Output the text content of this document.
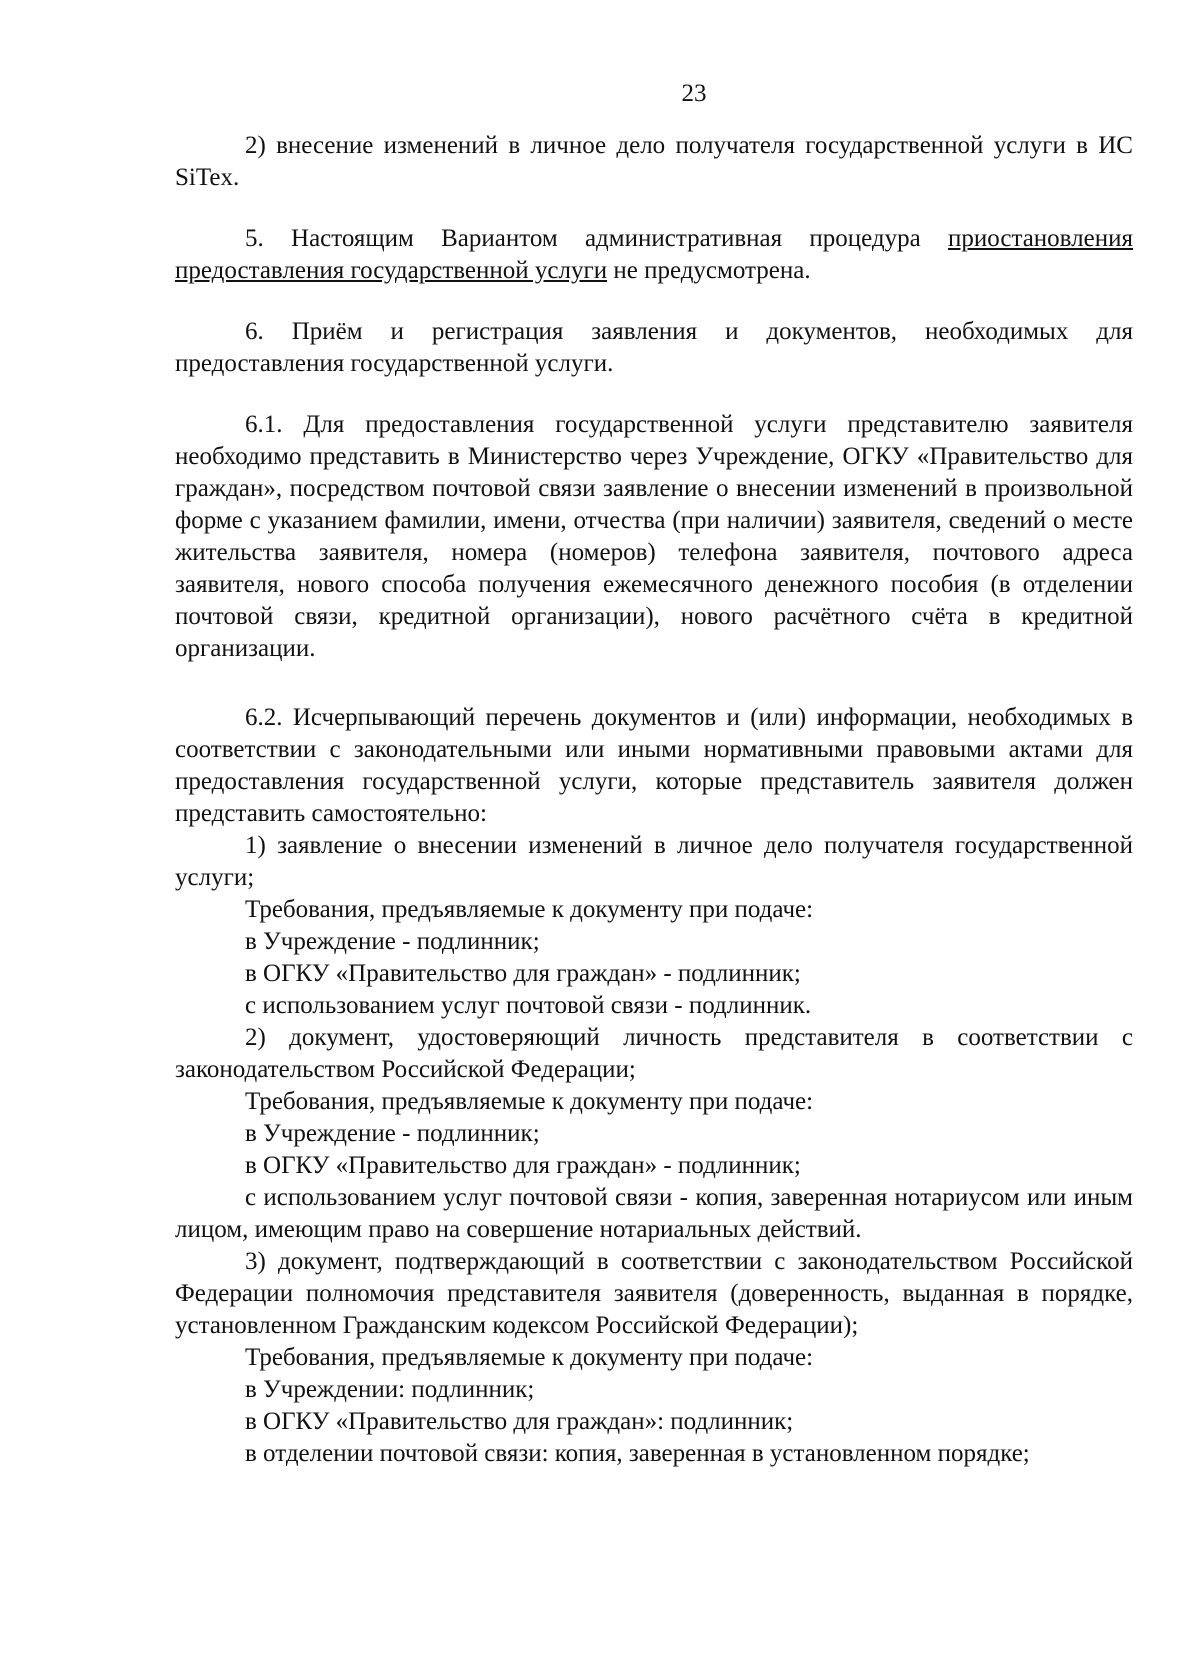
23

2) внесение изменений в личное дело получателя государственной услуги в ИС SiTex.

5. Настоящим Вариантом административная процедура приостановления предоставления государственной услуги не предусмотрена.

6. Приём и регистрация заявления и документов, необходимых для предоставления государственной услуги.

6.1. Для предоставления государственной услуги представителю заявителя необходимо представить в Министерство через Учреждение, ОГКУ «Правительство для граждан», посредством почтовой связи заявление о внесении изменений в произвольной форме с указанием фамилии, имени, отчества (при наличии) заявителя, сведений о месте жительства заявителя, номера (номеров) телефона заявителя, почтового адреса заявителя, нового способа получения ежемесячного денежного пособия (в отделении почтовой связи, кредитной организации), нового расчётного счёта в кредитной организации.

6.2. Исчерпывающий перечень документов и (или) информации, необходимых в соответствии с законодательными или иными нормативными правовыми актами для предоставления государственной услуги, которые представитель заявителя должен представить самостоятельно:

1) заявление о внесении изменений в личное дело получателя государственной услуги;

Требования, предъявляемые к документу при подаче:

в Учреждение - подлинник;

в ОГКУ «Правительство для граждан» - подлинник;

с использованием услуг почтовой связи - подлинник.

2) документ, удостоверяющий личность представителя в соответствии с законодательством Российской Федерации;

Требования, предъявляемые к документу при подаче:

в Учреждение - подлинник;

в ОГКУ «Правительство для граждан» - подлинник;

с использованием услуг почтовой связи - копия, заверенная нотариусом или иным лицом, имеющим право на совершение нотариальных действий.

3) документ, подтверждающий в соответствии с законодательством Российской Федерации полномочия представителя заявителя (доверенность, выданная в порядке, установленном Гражданским кодексом Российской Федерации);

Требования, предъявляемые к документу при подаче:

в Учреждении: подлинник;

в ОГКУ «Правительство для граждан»: подлинник;

в отделении почтовой связи: копия, заверенная в установленном порядке;
